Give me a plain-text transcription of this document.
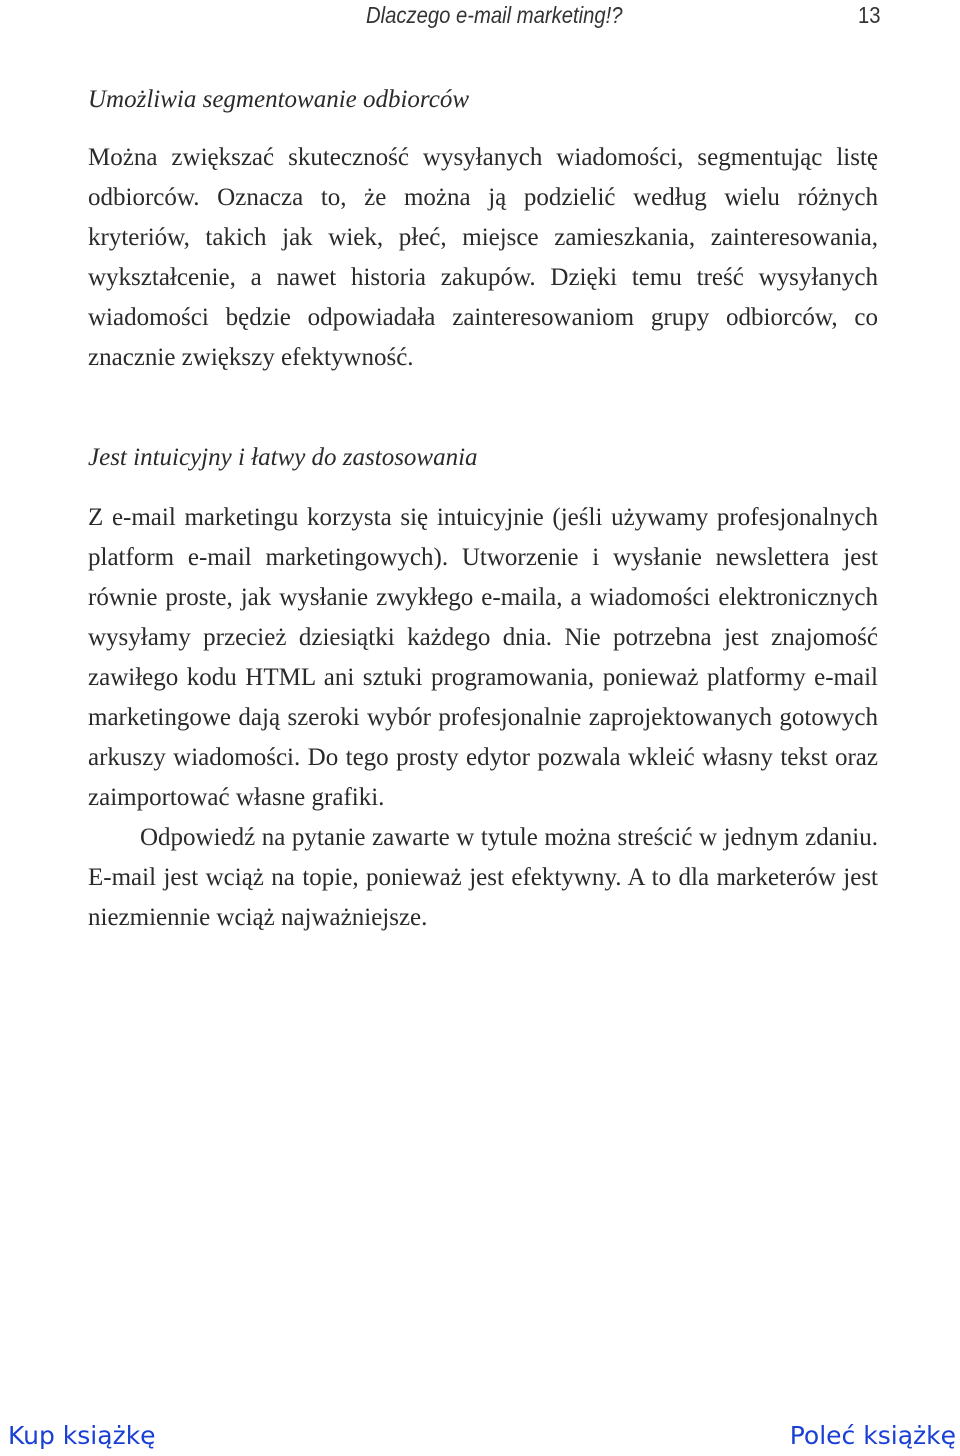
Dlaczego e-mail marketing!?	13
Umożliwia segmentowanie odbiorców

Można zwiększać skuteczność wysyłanych wiadomości, segmentując listę odbiorców. Oznacza to, że można ją podzielić według wielu różnych kryteriów, takich jak wiek, płeć, miejsce zamieszkania, zainteresowania, wykształcenie, a nawet historia zakupów. Dzięki temu treść wysyłanych wiadomości będzie odpowiadała zainteresowaniom grupy odbiorców, co znacznie zwiększy efektywność.

Jest intuicyjny i łatwy do zastosowania

Z e-mail marketingu korzysta się intuicyjnie (jeśli używamy profesjonalnych platform e-mail marketingowych). Utworzenie i wysłanie newslettera jest równie proste, jak wysłanie zwykłego e-maila, a wiadomości elektronicznych wysyłamy przecież dziesiątki każdego dnia. Nie potrzebna jest znajomość zawiłego kodu HTML ani sztuki programowania, ponieważ platformy e-mail marketingowe dają szeroki wybór profesjonalnie zaprojektowanych gotowych arkuszy wiadomości. Do tego prosty edytor pozwala wkleić własny tekst oraz zaimportować własne grafiki.

Odpowiedź na pytanie zawarte w tytule można streścić w jednym zdaniu. E-mail jest wciąż na topie, ponieważ jest efektywny. A to dla marketerów jest niezmiennie wciąż najważniejsze.

Kup książkę	Poleć książkę
